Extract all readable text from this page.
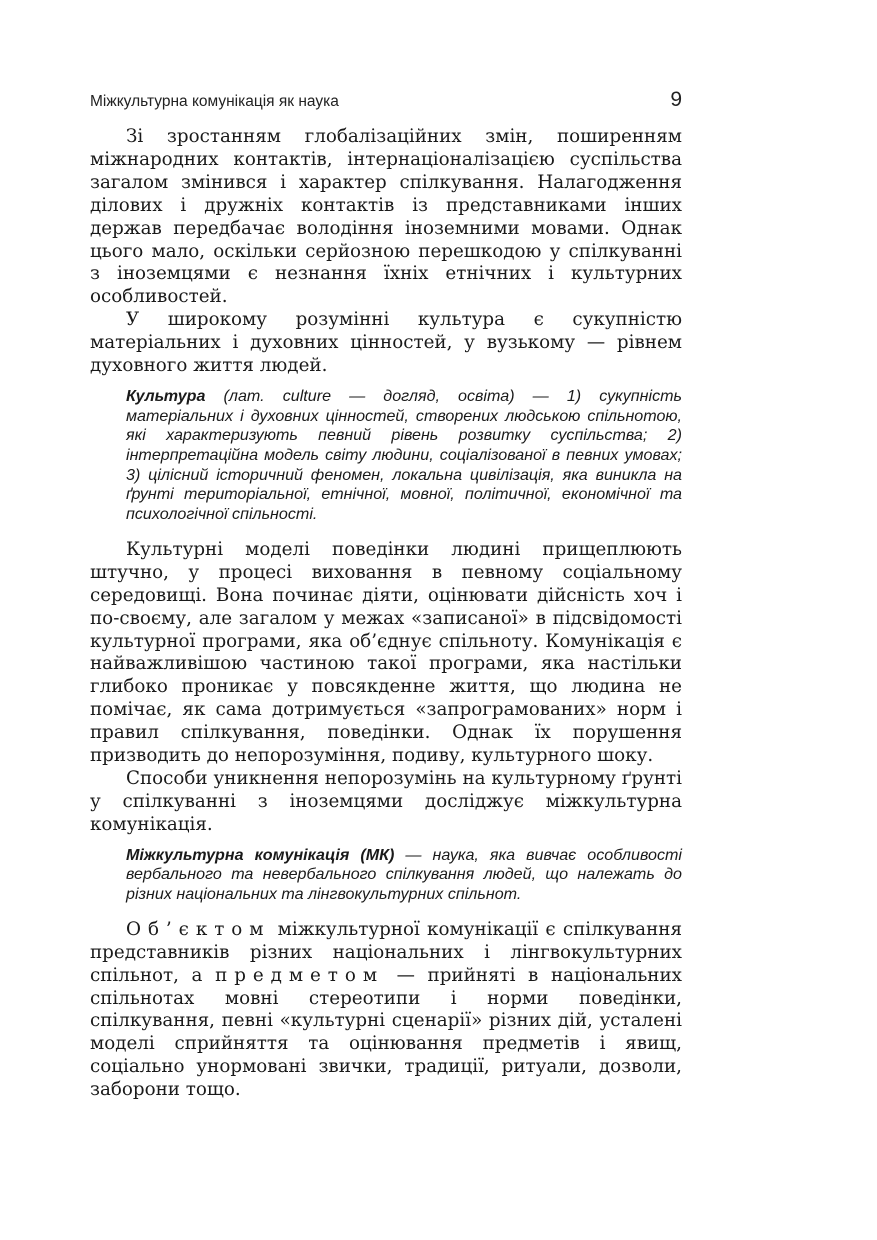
Міжкультурна комунікація як наука	9

Зі зростанням глобалізаційних змін, поширенням міжнародних контактів, інтернаціоналізацією суспільства загалом змінився і характер спілкування. Налагодження ділових і дружніх контактів із представниками інших держав передбачає володіння іноземними мовами. Однак цього мало, оскільки серйозною перешкодою у спілкуванні з іноземцями є незнання їхніх етнічних і культурних особливостей.

У широкому розумінні культура є сукупністю матеріальних і духовних цінностей, у вузькому — рівнем духовного життя людей.

Культура (лат. culture — догляд, освіта) — 1) сукупність матеріальних і духовних цінностей, створених людською спільнотою, які характеризують певний рівень розвитку суспільства; 2) інтерпретаційна модель світу людини, соціалізованої в певних умовах; 3) цілісний історичний феномен, локальна цивілізація, яка виникла на ґрунті територіальної, етнічної, мовної, політичної, економічної та психологічної спільності.

Культурні моделі поведінки людині прищеплюють штучно, у процесі виховання в певному соціальному середовищі. Вона починає діяти, оцінювати дійсність хоч і по-своєму, але загалом у межах «записаної» в підсвідомості культурної програми, яка об’єднує спільноту. Комунікація є найважливішою частиною такої програми, яка настільки глибоко проникає у повсякденне життя, що людина не помічає, як сама дотримується «запрограмованих» норм і правил спілкування, поведінки. Однак їх порушення призводить до непорозуміння, подиву, культурного шоку.

Способи уникнення непорозумінь на культурному ґрунті у спілкуванні з іноземцями досліджує міжкультурна комунікація.

Міжкультурна комунікація (МК) — наука, яка вивчає особливості вербального та невербального спілкування людей, що належать до різних національних та лінгвокультурних спільнот.

Об’єктом міжкультурної комунікації є спілкування представників різних національних і лінгвокультурних спільнот, а предметом — прийняті в національних спільнотах мовні стереотипи і норми поведінки, спілкування, певні «культурні сценарії» різних дій, усталені моделі сприйняття та оцінювання предметів і явищ, соціально унормовані звички, традиції, ритуали, дозволи, заборони тощо.
